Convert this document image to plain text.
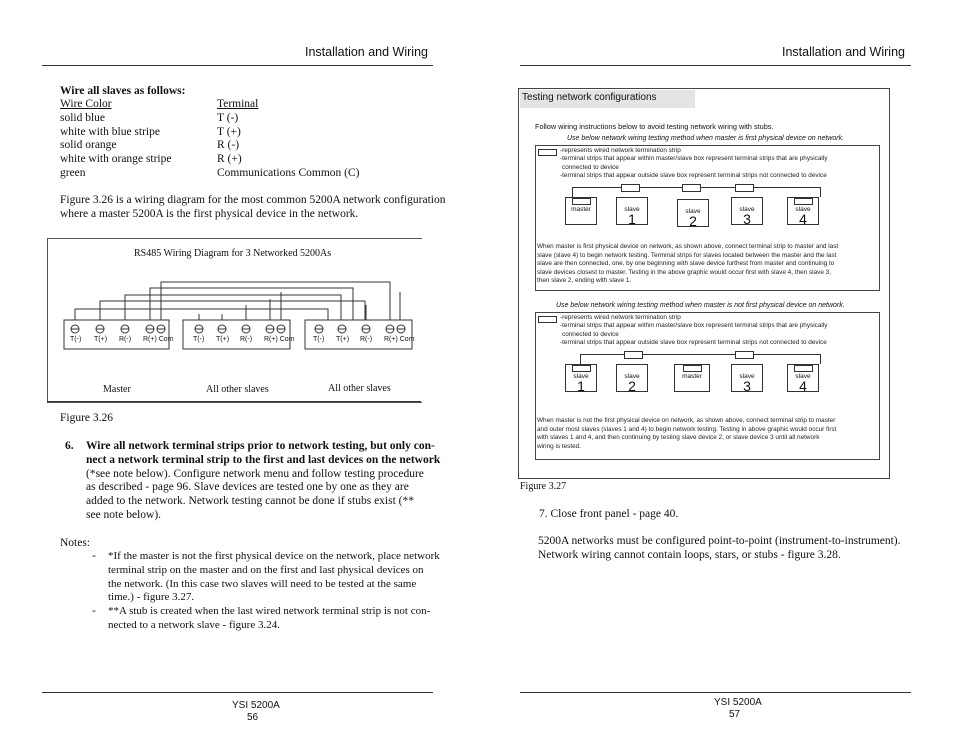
Installation and Wiring
Wire all slaves as follows:
Wire Color	Terminal
solid blue	T (-)
white with blue stripe	T (+)
solid orange	R (-)
white with orange stripe	R (+)
green	Communications Common (C)
Figure 3.26 is a wiring diagram for the most common 5200A network configuration
where a master 5200A is the first physical device in the network.
RS485 Wiring Diagram for 3 Networked 5200As
T(-) T(+) R(-) R(+) Com	T(-) T(+) R(-) R(+) Com	T(-) T(+) R(-) R(+) Com
Master	All other slaves	All other slaves
Figure 3.26
6. Wire all network terminal strips prior to network testing, but only con-
nect a network terminal strip to the first and last devices on the network
(*see note below). Configure network menu and follow testing procedure
as described - page 96. Slave devices are tested one by one as they are
added to the network. Network testing cannot be done if stubs exist (**
see note below).
Notes:
- *If the master is not the first physical device on the network, place network
terminal strip on the master and on the first and last physical devices on
the network. (In this case two slaves will need to be tested at the same
time.) - figure 3.27.
- **A stub is created when the last wired network terminal strip is not con-
nected to a network slave - figure 3.24.
YSI 5200A
56
Installation and Wiring
Testing network configurations
Follow wiring instructions below to avoid testing network wiring with stubs.
Use below network wiring testing method when master is first physical device on network.
-represents wired network termination strip
-terminal strips that appear within master/slave box represent terminal strips that are physically
connected to device
-terminal strips that appear outside slave box represent terminal strips not connected to device
master	slave
1	slave
2
slave
3
slave
4
When master is first physical device on network, as shown above, connect terminal strip to master and last
slave (slave 4) to begin network testing. Terminal strips for slaves located between the master and the last
slave are then connected, one, by one beginning with slave device furthest from master and continuing to
slave devices closest to master. Testing in the above graphic would occur first with slave 4, then slave 3,
then slave 2, ending with slave 1.
Use below network wiring testing method when master is not first physical device on network.
-represents wired network termination strip
-terminal strips that appear within master/slave box represent terminal strips that are physically
connected to device
-terminal strips that appear outside slave box represent terminal strips not connected to device
slave
1
slave
2
master	slave
3
slave
4
When master is not the first physical device on network, as shown above, connect terminal strip to master
and outer most slaves (slaves 1 and 4) to begin network testing. Testing in above graphic would occur first
with slaves 1 and 4, and then continuing by testing slave device 2, or slave device 3 until all network
wiring is tested.
Figure 3.27
7. Close front panel - page 40.
5200A networks must be configured point-to-point (instrument-to-instrument).
Network wiring cannot contain loops, stars, or stubs - figure 3.28.
YSI 5200A
57
